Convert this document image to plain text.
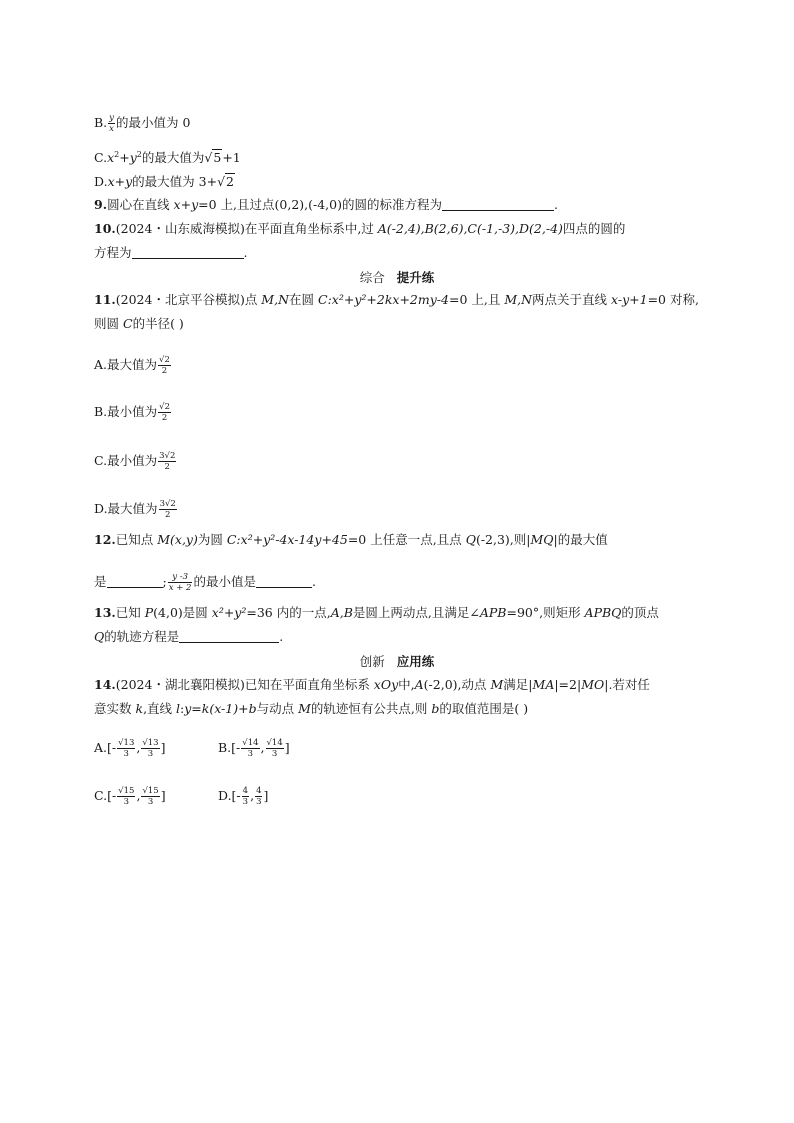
B. $\frac{y}{x}$ 的最小值为 0
$C.x^2+y^2$的最大值为√5+1
D.x+y的最大值为 3+√2
9.圆心在直线 x+y=0 上,且过点(0,2),(-4,0)的圆的标准方程为	.
10.(2024・山东威海模拟)在平面直角坐标系中,过 A(-2,4),B(2,6),C(-1,-3),D(2,-4)四点的圆的
方程为	.
综合 提升练
11.(2024・北京平谷模拟)点 M,N在圆 C:x²+y²+2kx+2my-4=0 上,且 M,N两点关于直线 x-y+1=0 对称,
则圆 C的半径( )
A.最大值为 $\frac{√2}{2}$
B.最小值为 $\frac{√2}{2}$
C.最小值为 $\frac{3√2}{2}$
D.最大值为 $\frac{3√2}{2}$
12.已知点 M(x,y)为圆 C:x²+y²-4x-14y+45=0 上任意一点,且点 Q(-2,3),则|MQ|的最大值
是	; $\frac{y -3}{x + 2}$ 的最小值是	.
13.已知 P(4,0)是圆 x²+y²=36 内的一点,A,B是圆上两动点,且满足∠APB=90°,则矩形 APBQ的顶点
Q的轨迹方程是	.
创新 应用练
14.(2024・湖北襄阳模拟)已知在平面直角坐标系 xOy中,A(-2,0),动点 M满足|MA|=2|MO|.若对任
意实数 k,直线 l:y=k(x-1)+b与动点 M的轨迹恒有公共点,则 b的取值范围是( )
$A.[- \frac{√13}{3}$ , $\frac{√13}{3}$ ]	$B.[- \frac{√14}{3}$ , $\frac{√14}{3}$ ]
$C.[- \frac{√15}{3}$ , $\frac{√15}{3}$ ]	$D.[- \frac{4}{3}$ , $\frac{4}{3}$ ]
